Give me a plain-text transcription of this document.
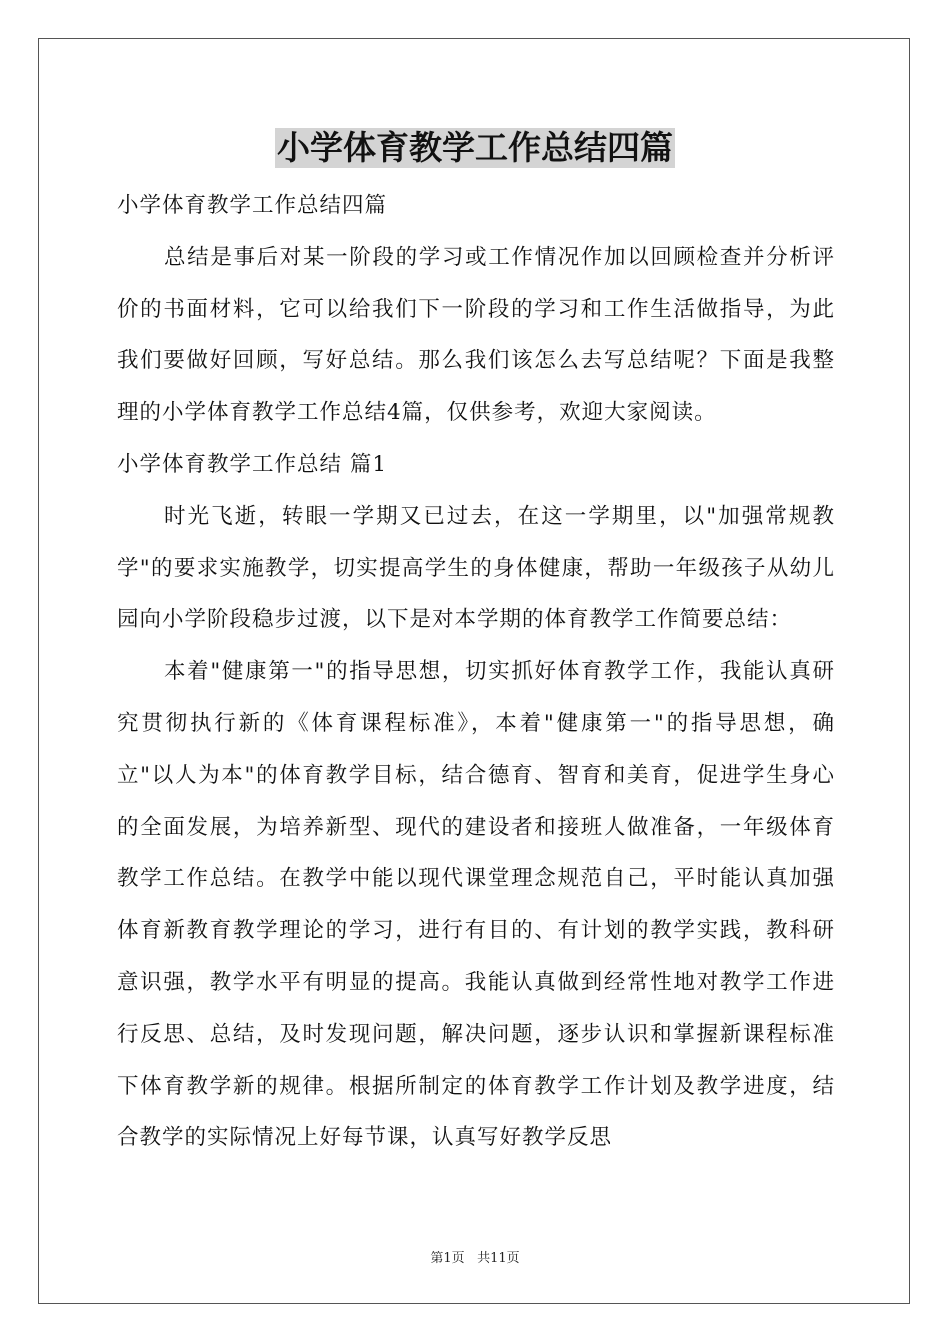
小学体育教学工作总结四篇

小学体育教学工作总结四篇

总结是事后对某一阶段的学习或工作情况作加以回顾检查并分析评价的书面材料，它可以给我们下一阶段的学习和工作生活做指导，为此我们要做好回顾，写好总结。那么我们该怎么去写总结呢？下面是我整理的小学体育教学工作总结4篇，仅供参考，欢迎大家阅读。

小学体育教学工作总结 篇1

时光飞逝，转眼一学期又已过去，在这一学期里，以"加强常规教学"的要求实施教学，切实提高学生的身体健康，帮助一年级孩子从幼儿园向小学阶段稳步过渡，以下是对本学期的体育教学工作简要总结：

本着"健康第一"的指导思想，切实抓好体育教学工作，我能认真研究贯彻执行新的《体育课程标准》，本着"健康第一"的指导思想，确立"以人为本"的体育教学目标，结合德育、智育和美育，促进学生身心的全面发展，为培养新型、现代的建设者和接班人做准备，一年级体育教学工作总结。在教学中能以现代课堂理念规范自己，平时能认真加强体育新教育教学理论的学习，进行有目的、有计划的教学实践，教科研意识强，教学水平有明显的提高。我能认真做到经常性地对教学工作进行反思、总结，及时发现问题，解决问题，逐步认识和掌握新课程标准下体育教学新的规律。根据所制定的体育教学工作计划及教学进度，结合教学的实际情况上好每节课，认真写好教学反思

第1页 共11页
